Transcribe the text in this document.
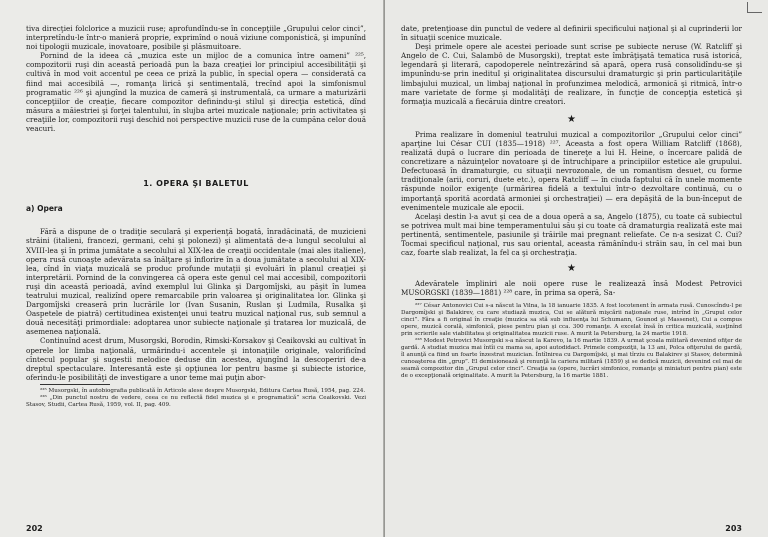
tiva direcţiei folclorice a muzicii ruse; aprofundîndu-se în concepţiile „Grupului celor cinci”, interpretîndu-le într-o manieră proprie, exprimînd o nouă viziune componistică, şi impunînd noi tipologii muzicale, inovatoare, posibile şi plăsmuitoare.

Pornind de la ideea că „muzica este un mijloc de a comunica între oameni” ²²⁵, compozitorii ruşi din această perioadă pun la baza creaţiei lor principiul accesibilităţii şi cultivă în mod voit accentul pe ceea ce priză la public, în special opera — considerată ca fiind mai accesibilă —, romanţa lirică şi sentimentală, trecînd apoi la simfonismul programatic ²²⁶ şi ajungînd la muzica de cameră şi instrumentală, ca urmare a maturizării concepţiilor de creaţie, fiecare compozitor definindu-şi stilul şi direcţia estetică, dînd măsura a măiestriei şi forţei talentului, în slujba artei muzicale naţionale; prin activitatea şi creaţiile lor, compozitorii ruşi deschid noi perspective muzicii ruse de la cumpăna celor două veacuri.

1. OPERA ŞI BALETUL

a) Opera

Fără a dispune de o tradiţie seculară şi experienţă bogată, înradăcinată, de muzicieni străini (italieni, francezi, germani, cehi şi polonezi) şi alimentată de-a lungul secolului al XVIII-lea şi în prima jumătate a secolului al XIX-lea de creaţii occidentale (mai ales italiene), opera rusă cunoaşte adevărata sa înălţare şi înflorire în a doua jumătate a secolului al XIX-lea, cînd în viaţa muzicală se produc profunde mutaţii şi evoluări în planul creaţiei şi interpretării. Pornind de la convingerea că opera este genul cel mai accesibil, compozitorii ruşi din această perioadă, avînd exemplul lui Glinka şi Dargomîjski, au păşit în lumea teatrului muzical, realizînd opere remarcabile prin valoarea şi originalitatea lor. Glinka şi Dargomîjski creaseră prin lucrările lor (Ivan Susanin, Ruslan şi Ludmila, Rusalka şi Oaspetele de piatră) certitudinea existenţei unui teatru muzical naţional rus, sub semnul a două necesităţi primordiale: adoptarea unor subiecte naţionale şi tratarea lor muzicală, de asemenea naţională.

Continuînd acest drum, Musorgski, Borodin, Rimski-Korsakov şi Ceaikovski au cultivat în operele lor limba naţională, urmărindu-i accentele şi intonaţiile originale, valorificînd cîntecul popular şi sugestii melodice deduse din acestea, ajungînd la descoperiri de-a dreptul spectaculare. Interesantă este şi opţiunea lor pentru basme şi subiecte istorice, oferindu-le posibilităţi de investigare a unor teme mai puţin abor-

²²⁵ Musorgski, în autobiografia publicată în Articole alese despre Musorgski, Editura Cartea Rusă, 1954, pag. 224.

²²⁶ „Din punctul nostru de vedere, ceea ce nu reflectă fidel muzica şi e programatică” scria Ceaikovski. Vezi Stasov, Studii, Cartea Rusă, 1959, vol. II, pag. 409.

202

date, pretenţioase din punctul de vedere al definirii specificului naţional şi al cuprinderii lor în situaţii scenice muzicale.

Deşi primele opere ale acestei perioade sunt scrise pe subiecte neruse (W. Ratcliff şi Angelo de C. Cui, Salambô de Musorgski), treptat este îmbrăţişată tematica rusă istorică, legendară şi literară, capodoperele neîntrezărind să apară, opera rusă consolidîndu-se şi impunîndu-se prin inedituI şi originalitatea discursului dramaturgic şi prin particularităţile limbajului muzical, un limbaj naţional în profunzimea melodică, armonică şi ritmică, într-o mare varietate de forme şi modalităţi de realizare, în funcţie de concepţia estetică şi formaţia muzicală a fiecăruia dintre creatori.

★

Prima realizare în domeniul teatrului muzical a compozitorilor „Grupului celor cinci” aparţine lui César CUI (1835—1918) ²²⁷. Aceasta a fost opera William Ratcliff (1868), realizată după o lucrare din perioada de tinereţe a lui H. Heine, o încercare palidă de concretizare a năzuinţelor novatoare şi de întruchipare a principiilor estetice ale grupului. Defectuoasă în dramaturgie, cu situaţii nevrozonale, de un romantism desuet, cu forme tradiţionale (arii, coruri, duete etc.), opera Ratcliff — în ciuda faptului că în unele momente răspunde noilor exigenţe (urmărirea fidelă a textului într-o dezvoltare continuă, cu o importanţă sporită acordată armoniei şi orchestraţiei) — era depăşită de la bun-început de evenimentele muzicale ale epocii.

Acelaşi destin l-a avut şi cea de a doua operă a sa, Angelo (1875), cu toate că subiectul se potrivea mult mai bine temperamentului său şi cu toate că dramaturgia realizată este mai pertinentă, sentimentele, pasiunile şi trăirile mai pregnant reliefate. Ce n-a sesizat C. Cui? Tocmai specificul naţional, rus sau oriental, aceasta rămânîndu-i străin sau, în cel mai bun caz, foarte slab realizat, la fel ca şi orchestraţia.

★

Adevăratele împliniri ale noii opere ruse le realizează însă Modest Petrovici MUSORGSKI (1839—1881) ²²⁸ care, în prima sa operă, Sa-

²²⁷ César Antonovici Cui s-a născut la Vilna, la 18 ianuarie 1835. A fost locotenent în armata rusă. Cunoscîndu-l pe Dargomîjski şi Balakirev, cu care studiază muzica, Cui se alătură mişcării naţionale ruse, intrînd în „Grupul celor cinci”. Făra a fi original în creaţie (muzica sa stă sub influenţa lui Schumann, Gounod şi Massenet), Cui a compus opere, muzică corală, simfonică, piese pentru pian şi cca. 300 romanţe. A excelat însă în critica muzicală, susţinînd prin scrierile sale viabilitatea şi originalitatea muzicii ruse. A murit la Petersburg, la 24 martie 1918.

²²⁸ Modest Petrovici Musorgski s-a născut la Karevo, la 16 martie 1839. A urmat şcoala militară devenind ofiţer de gardă. A studiat muzica mai întîi cu mama sa, apoi autodidact. Primele compoziţii, la 13 ani, Polca ofiţerului de gardă, îl anunţă ca fiind un foarte înzestrat muzician. Întîlnirea cu Dargomîjski, şi mai tîrziu cu Balakirev şi Stasov, determină cunoaşterea din „grup”. El demisionează şi renunţă la cariera militară (1859) şi se dedică muzicii, devenind cel mai de seamă compozitor din „Grupul celor cinci”. Creaţia sa (opere, lucrări simfonice, romanţe şi miniaturi pentru pian) este de o excepţională originalitate. A murit la Petersburg, la 16 martie 1881.

203
